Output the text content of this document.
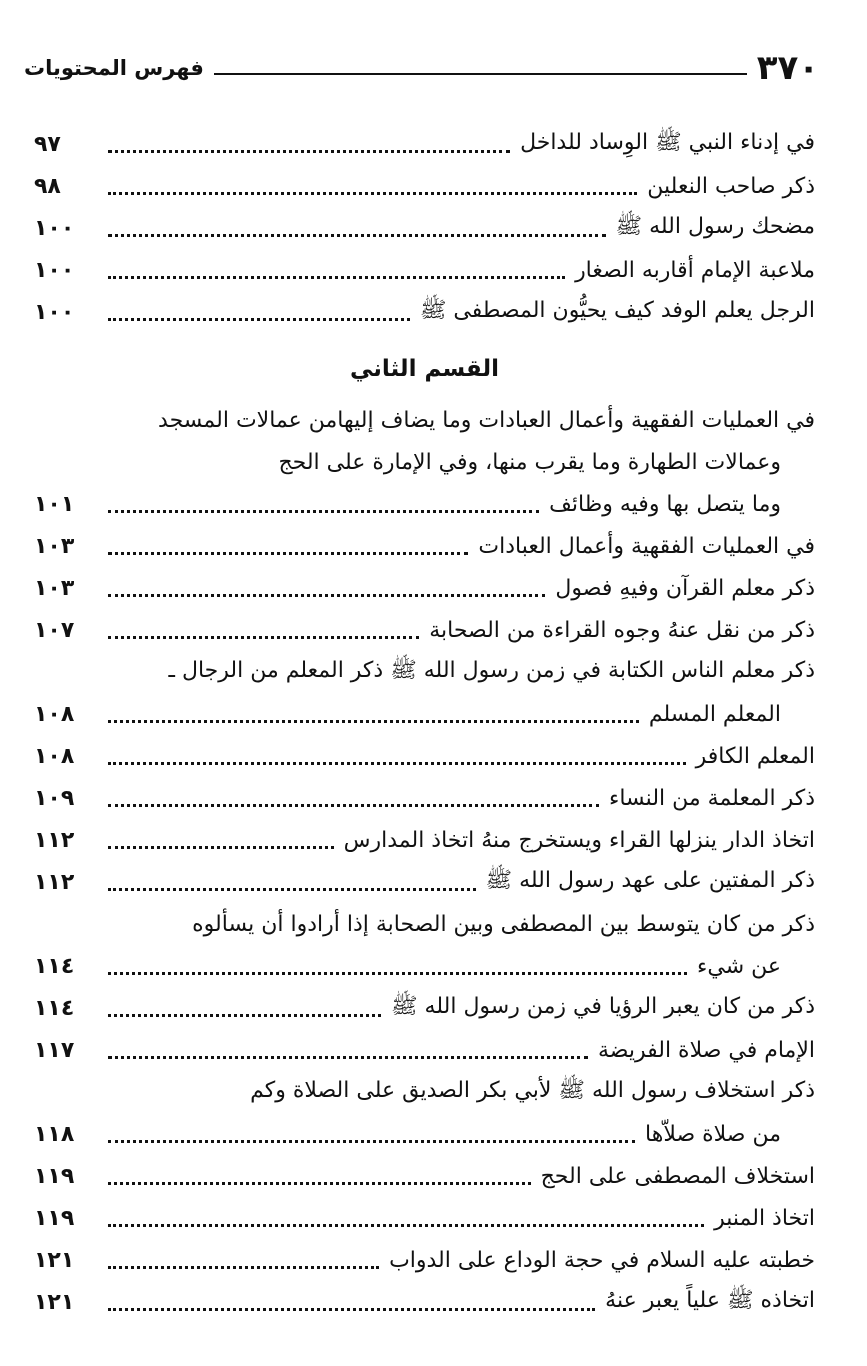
٣٧٠
فهرس المحتويات
في إدناء النبي ﷺ الوِساد للداخل
٩٧
ذكر صاحب النعلين
٩٨
مضحك رسول الله ﷺ
١٠٠
ملاعبة الإمام أقاربه الصغار
١٠٠
الرجل يعلم الوفد كيف يحيُّون المصطفى ﷺ
١٠٠
القسم الثاني
في العمليات الفقهية وأعمال العبادات وما يضاف إليهامن عمالات المسجد
وعمالات الطهارة وما يقرب منها، وفي الإمارة على الحج
وما يتصل بها وفيه وظائف
١٠١
في العمليات الفقهية وأعمال العبادات
١٠٣
ذكر معلم القرآن وفيهِ فصول
١٠٣
ذكر من نقل عنهُ وجوه القراءة من الصحابة
١٠٧
ذكر معلم الناس الكتابة في زمن رسول الله ﷺ ذكر المعلم من الرجال ـ
المعلم المسلم
١٠٨
المعلم الكافر
١٠٨
ذكر المعلمة من النساء
١٠٩
اتخاذ الدار ينزلها القراء ويستخرج منهُ اتخاذ المدارس
١١٢
ذكر المفتين على عهد رسول الله ﷺ
١١٢
ذكر من كان يتوسط بين المصطفى وبين الصحابة إذا أرادوا أن يسألوه
عن شيء
١١٤
ذكر من كان يعبر الرؤيا في زمن رسول الله ﷺ
١١٤
الإمام في صلاة الفريضة
١١٧
ذكر استخلاف رسول الله ﷺ لأبي بكر الصديق على الصلاة وكم
من صلاة صلاّها
١١٨
استخلاف المصطفى على الحج
١١٩
اتخاذ المنبر
١١٩
خطبته عليه السلام في حجة الوداع على الدواب
١٢١
اتخاذه ﷺ علياً يعبر عنهُ
١٢١
